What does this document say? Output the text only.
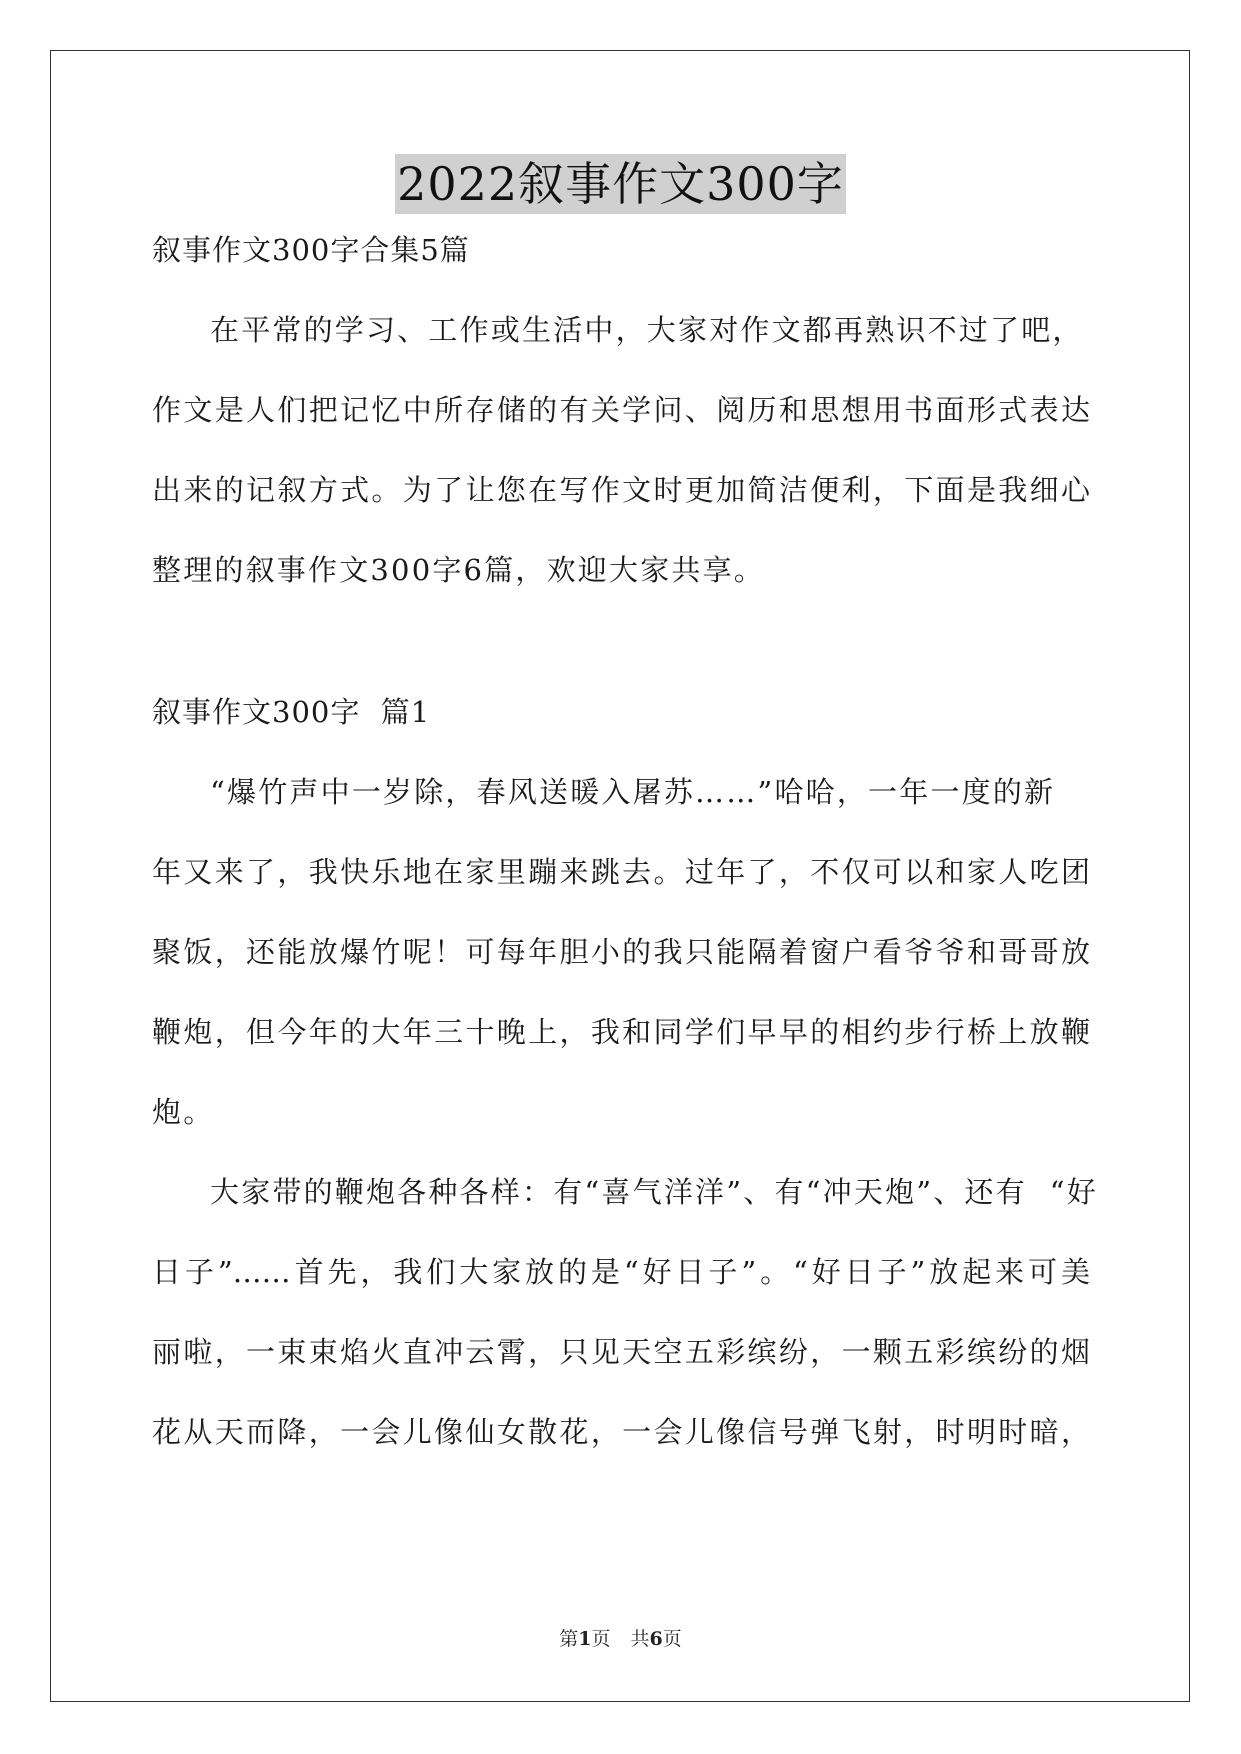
2022叙事作文300字

叙事作文300字合集5篇

在平常的学习、工作或生活中，大家对作文都再熟识不过了吧，

作文是人们把记忆中所存储的有关学问、阅历和思想用书面形式表达

出来的记叙方式。为了让您在写作文时更加简洁便利，下面是我细心

整理的叙事作文300字6篇，欢迎大家共享。

叙事作文300字  篇1

“爆竹声中一岁除，春风送暖入屠苏……”哈哈，一年一度的新

年又来了，我快乐地在家里蹦来跳去。过年了，不仅可以和家人吃团

聚饭，还能放爆竹呢！可每年胆小的我只能隔着窗户看爷爷和哥哥放

鞭炮，但今年的大年三十晚上，我和同学们早早的相约步行桥上放鞭

炮。

大家带的鞭炮各种各样：有“喜气洋洋”、有“冲天炮”、还有  “好

日子”……首先，我们大家放的是“好日子”。“好日子”放起来可美

丽啦，一束束焰火直冲云霄，只见天空五彩缤纷，一颗五彩缤纷的烟

花从天而降，一会儿像仙女散花，一会儿像信号弹飞射，时明时暗，

第1页 共6页
